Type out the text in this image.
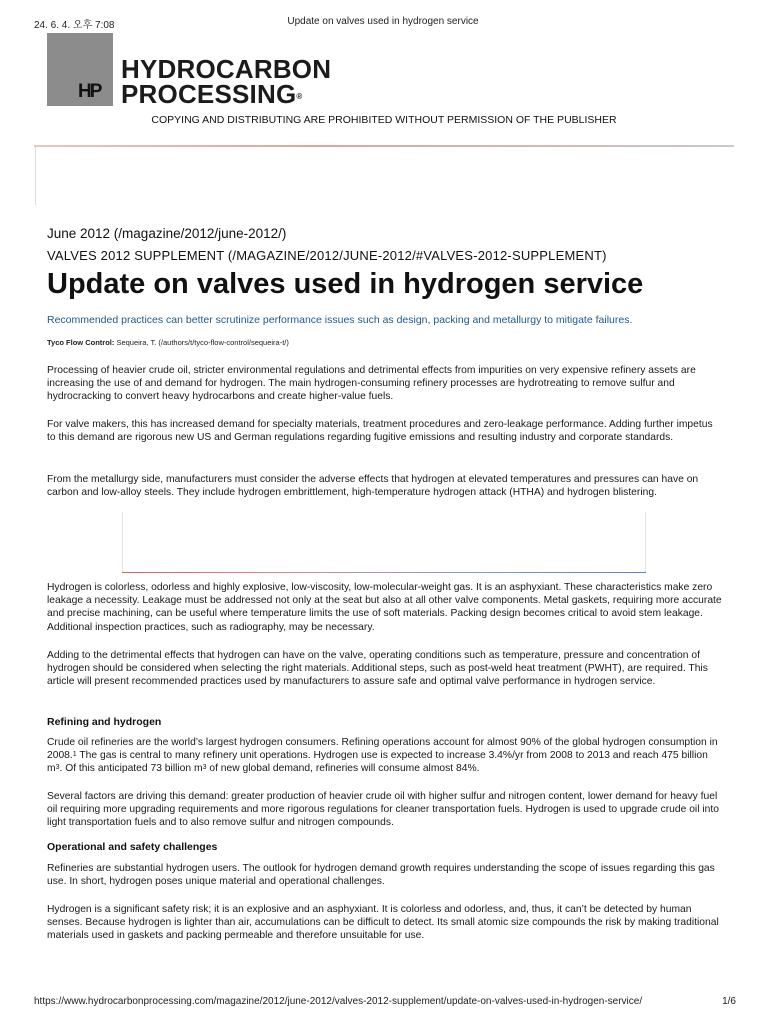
24. 6. 4. 오후 7:08	Update on valves used in hydrogen service
HP
HYDROCARBON
PROCESSING®
COPYING AND DISTRIBUTING ARE PROHIBITED WITHOUT PERMISSION OF THE PUBLISHER
June 2012 (/magazine/2012/june-2012/)
VALVES 2012 SUPPLEMENT (/MAGAZINE/2012/JUNE-2012/#VALVES-2012-SUPPLEMENT)
Update on valves used in hydrogen service
Recommended practices can better scrutinize performance issues such as design, packing and metallurgy to mitigate failures.
Tyco Flow Control: Sequeira, T. (/authors/t/tyco-flow-control/sequeira-t/)

Processing of heavier crude oil, stricter environmental regulations and detrimental effects from impurities on very expensive refinery assets are increasing the use of and demand for hydrogen. The main hydrogen-consuming refinery processes are hydrotreating to remove sulfur and hydrocracking to convert heavy hydrocarbons and create higher-value fuels.

For valve makers, this has increased demand for specialty materials, treatment procedures and zero-leakage performance. Adding further impetus to this demand are rigorous new US and German regulations regarding fugitive emissions and resulting industry and corporate standards.

From the metallurgy side, manufacturers must consider the adverse effects that hydrogen at elevated temperatures and pressures can have on carbon and low-alloy steels. They include hydrogen embrittlement, high-temperature hydrogen attack (HTHA) and hydrogen blistering.

Hydrogen is colorless, odorless and highly explosive, low-viscosity, low-molecular-weight gas. It is an asphyxiant. These characteristics make zero leakage a necessity. Leakage must be addressed not only at the seat but also at all other valve components. Metal gaskets, requiring more accurate and precise machining, can be useful where temperature limits the use of soft materials. Packing design becomes critical to avoid stem leakage. Additional inspection practices, such as radiography, may be necessary.

Adding to the detrimental effects that hydrogen can have on the valve, operating conditions such as temperature, pressure and concentration of hydrogen should be considered when selecting the right materials. Additional steps, such as post-weld heat treatment (PWHT), are required. This article will present recommended practices used by manufacturers to assure safe and optimal valve performance in hydrogen service.

Refining and hydrogen

Crude oil refineries are the world’s largest hydrogen consumers. Refining operations account for almost 90% of the global hydrogen consumption in 2008.$^1$ The gas is central to many refinery unit operations. Hydrogen use is expected to increase 3.4%/yr from 2008 to 2013 and reach 475 billion m$^3$. Of this anticipated 73 billion m$^3$ of new global demand, refineries will consume almost 84%.

Several factors are driving this demand: greater production of heavier crude oil with higher sulfur and nitrogen content, lower demand for heavy fuel oil requiring more upgrading requirements and more rigorous regulations for cleaner transportation fuels. Hydrogen is used to upgrade crude oil into light transportation fuels and to also remove sulfur and nitrogen compounds.

Operational and safety challenges

Refineries are substantial hydrogen users. The outlook for hydrogen demand growth requires understanding the scope of issues regarding this gas use. In short, hydrogen poses unique material and operational challenges.

Hydrogen is a significant safety risk; it is an explosive and an asphyxiant. It is colorless and odorless, and, thus, it can’t be detected by human senses. Because hydrogen is lighter than air, accumulations can be difficult to detect. Its small atomic size compounds the risk by making traditional materials used in gaskets and packing permeable and therefore unsuitable for use.

https://www.hydrocarbonprocessing.com/magazine/2012/june-2012/valves-2012-supplement/update-on-valves-used-in-hydrogen-service/	1/6
